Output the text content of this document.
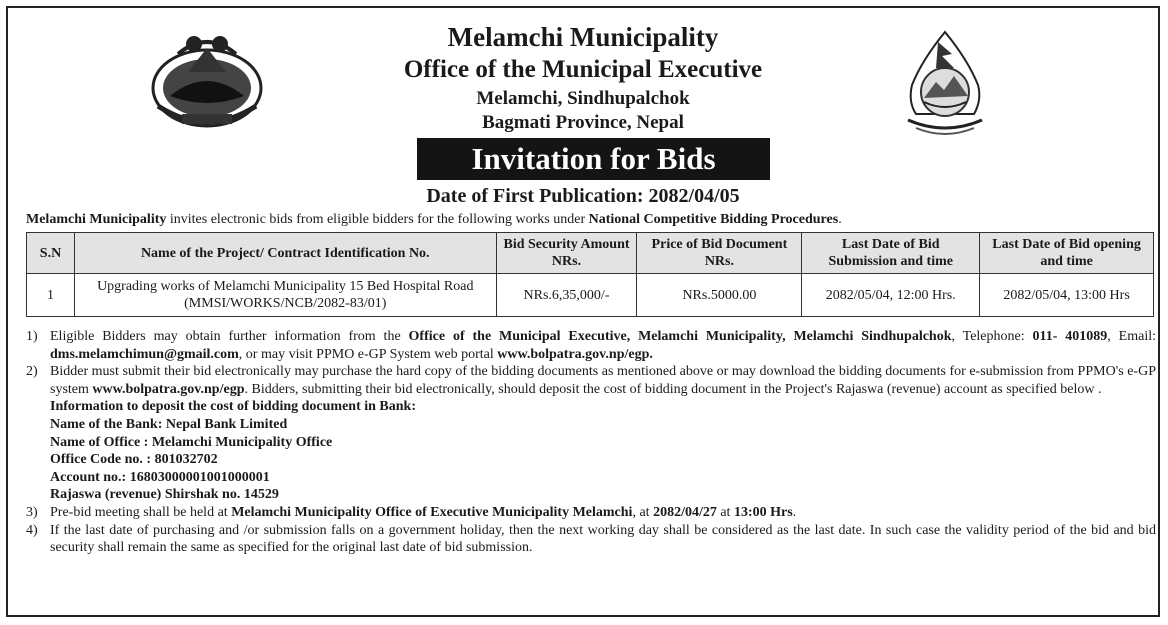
Melamchi Municipality
Office of the Municipal Executive
Melamchi, Sindhupalchok
Bagmati Province, Nepal
Invitation for Bids
Date of First Publication: 2082/04/05
Melamchi Municipality invites electronic bids from eligible bidders for the following works under National Competitive Bidding Procedures.
S.N	Name of the Project/ Contract Identification No.	Bid Security Amount NRs.	Price of Bid Document NRs.	Last Date of Bid Submission and time	Last Date of Bid opening and time
1	Upgrading works of Melamchi Municipality 15 Bed Hospital Road (MMSI/WORKS/NCB/2082-83/01)	NRs.6,35,000/-	NRs.5000.00	2082/05/04, 12:00 Hrs.	2082/05/04, 13:00 Hrs
1) Eligible Bidders may obtain further information from the Office of the Municipal Executive, Melamchi Municipality, Melamchi Sindhupalchok, Telephone: 011- 401089, Email: dms.melamchimun@gmail.com, or may visit PPMO e-GP System web portal www.bolpatra.gov.np/egp.
2) Bidder must submit their bid electronically may purchase the hard copy of the bidding documents as mentioned above or may download the bidding documents for e-submission from PPMO's e-GP system www.bolpatra.gov.np/egp. Bidders, submitting their bid electronically, should deposit the cost of bidding document in the Project's Rajaswa (revenue) account as specified below .
Information to deposit the cost of bidding document in Bank:
Name of the Bank: Nepal Bank Limited
Name of Office : Melamchi Municipality Office
Office Code no. : 801032702
Account no.: 16803000001001000001
Rajaswa (revenue) Shirshak no. 14529
3) Pre-bid meeting shall be held at Melamchi Municipality Office of Executive Municipality Melamchi, at 2082/04/27 at 13:00 Hrs.
4) If the last date of purchasing and /or submission falls on a government holiday, then the next working day shall be considered as the last date. In such case the validity period of the bid and bid security shall remain the same as specified for the original last date of bid submission.
